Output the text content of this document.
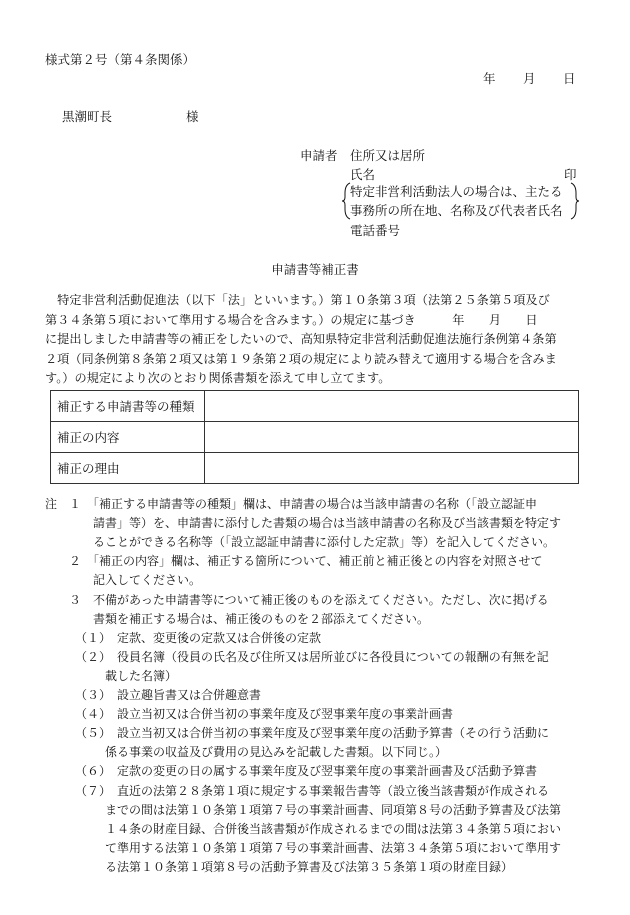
様式第２号（第４条関係）
年 月 日
黒潮町長	様
申請者 住所又は居所
氏名	印
特定非営利活動法人の場合は、主たる
事務所の所在地、名称及び代表者氏名
電話番号
申請書等補正書
　特定非営利活動促進法（以下「法」といいます。）第１０条第３項（法第２５条第５項及び
第３４条第５項において準用する場合を含みます。）の規定に基づき　　　年　　月　　日
に提出しました申請書等の補正をしたいので、高知県特定非営利活動促進法施行条例第４条第
２項（同条例第８条第２項又は第１９条第２項の規定により読み替えて適用する場合を含みま
す。）の規定により次のとおり関係書類を添えて申し立てます。
補正する申請書等の種類	
補正の内容	
補正の理由	
注　１　「補正する申請書等の種類」欄は、申請書の場合は当該申請書の名称（「設立認証申
　　　　請書」等）を、申請書に添付した書類の場合は当該申請書の名称及び当該書類を特定す
　　　　ることができる名称等（「設立認証申請書に添付した定款」等）を記入してください。
　　２　「補正の内容」欄は、補正する箇所について、補正前と補正後との内容を対照させて
　　　　記入してください。
　　３　不備があった申請書等について補正後のものを添えてください。ただし、次に掲げる
　　　　書類を補正する場合は、補正後のものを２部添えてください。
　　　（１）　定款、変更後の定款又は合併後の定款
　　　（２）　役員名簿（役員の氏名及び住所又は居所並びに各役員についての報酬の有無を記
　　　　　載した名簿）
　　　（３）　設立趣旨書又は合併趣意書
　　　（４）　設立当初又は合併当初の事業年度及び翌事業年度の事業計画書
　　　（５）　設立当初又は合併当初の事業年度及び翌事業年度の活動予算書（その行う活動に
　　　　　係る事業の収益及び費用の見込みを記載した書類。以下同じ。）
　　　（６）　定款の変更の日の属する事業年度及び翌事業年度の事業計画書及び活動予算書
　　　（７）　直近の法第２８条第１項に規定する事業報告書等（設立後当該書類が作成される
　　　　　までの間は法第１０条第１項第７号の事業計画書、同項第８号の活動予算書及び法第
　　　　　１４条の財産目録、合併後当該書類が作成されるまでの間は法第３４条第５項におい
　　　　　て準用する法第１０条第１項第７号の事業計画書、法第３４条第５項において準用す
　　　　　る法第１０条第１項第８号の活動予算書及び法第３５条第１項の財産目録）
